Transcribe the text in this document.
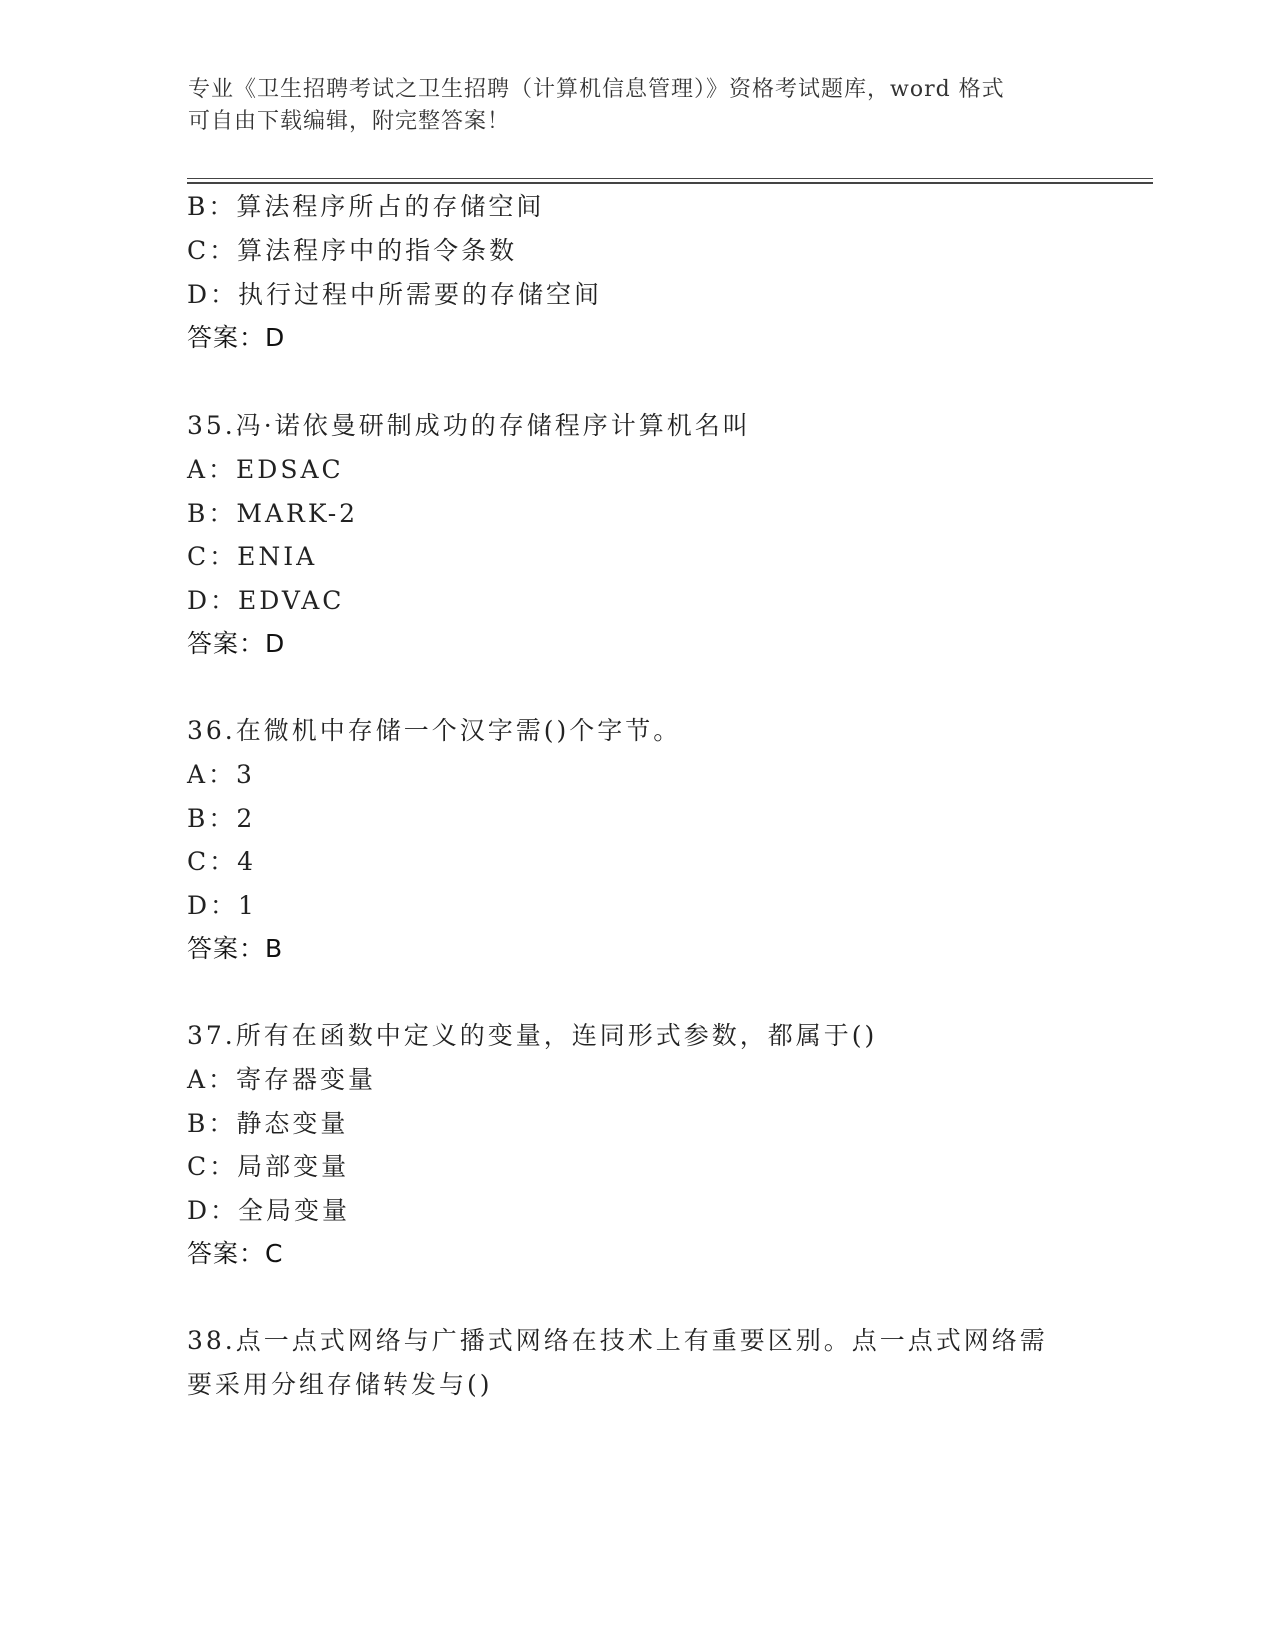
专业《卫生招聘考试之卫生招聘（计算机信息管理）》资格考试题库，word 格式
可自由下载编辑，附完整答案！
B：算法程序所占的存储空间
C：算法程序中的指令条数
D：执行过程中所需要的存储空间
答案：D
35.冯·诺依曼研制成功的存储程序计算机名叫
A：EDSAC
B：MARK-2
C：ENIA
D：EDVAC
答案：D
36.在微机中存储一个汉字需()个字节。
A：3
B：2
C：4
D：1
答案：B
37.所有在函数中定义的变量，连同形式参数，都属于()
A：寄存器变量
B：静态变量
C：局部变量
D：全局变量
答案：C
38.点一点式网络与广播式网络在技术上有重要区别。点一点式网络需
要采用分组存储转发与()
